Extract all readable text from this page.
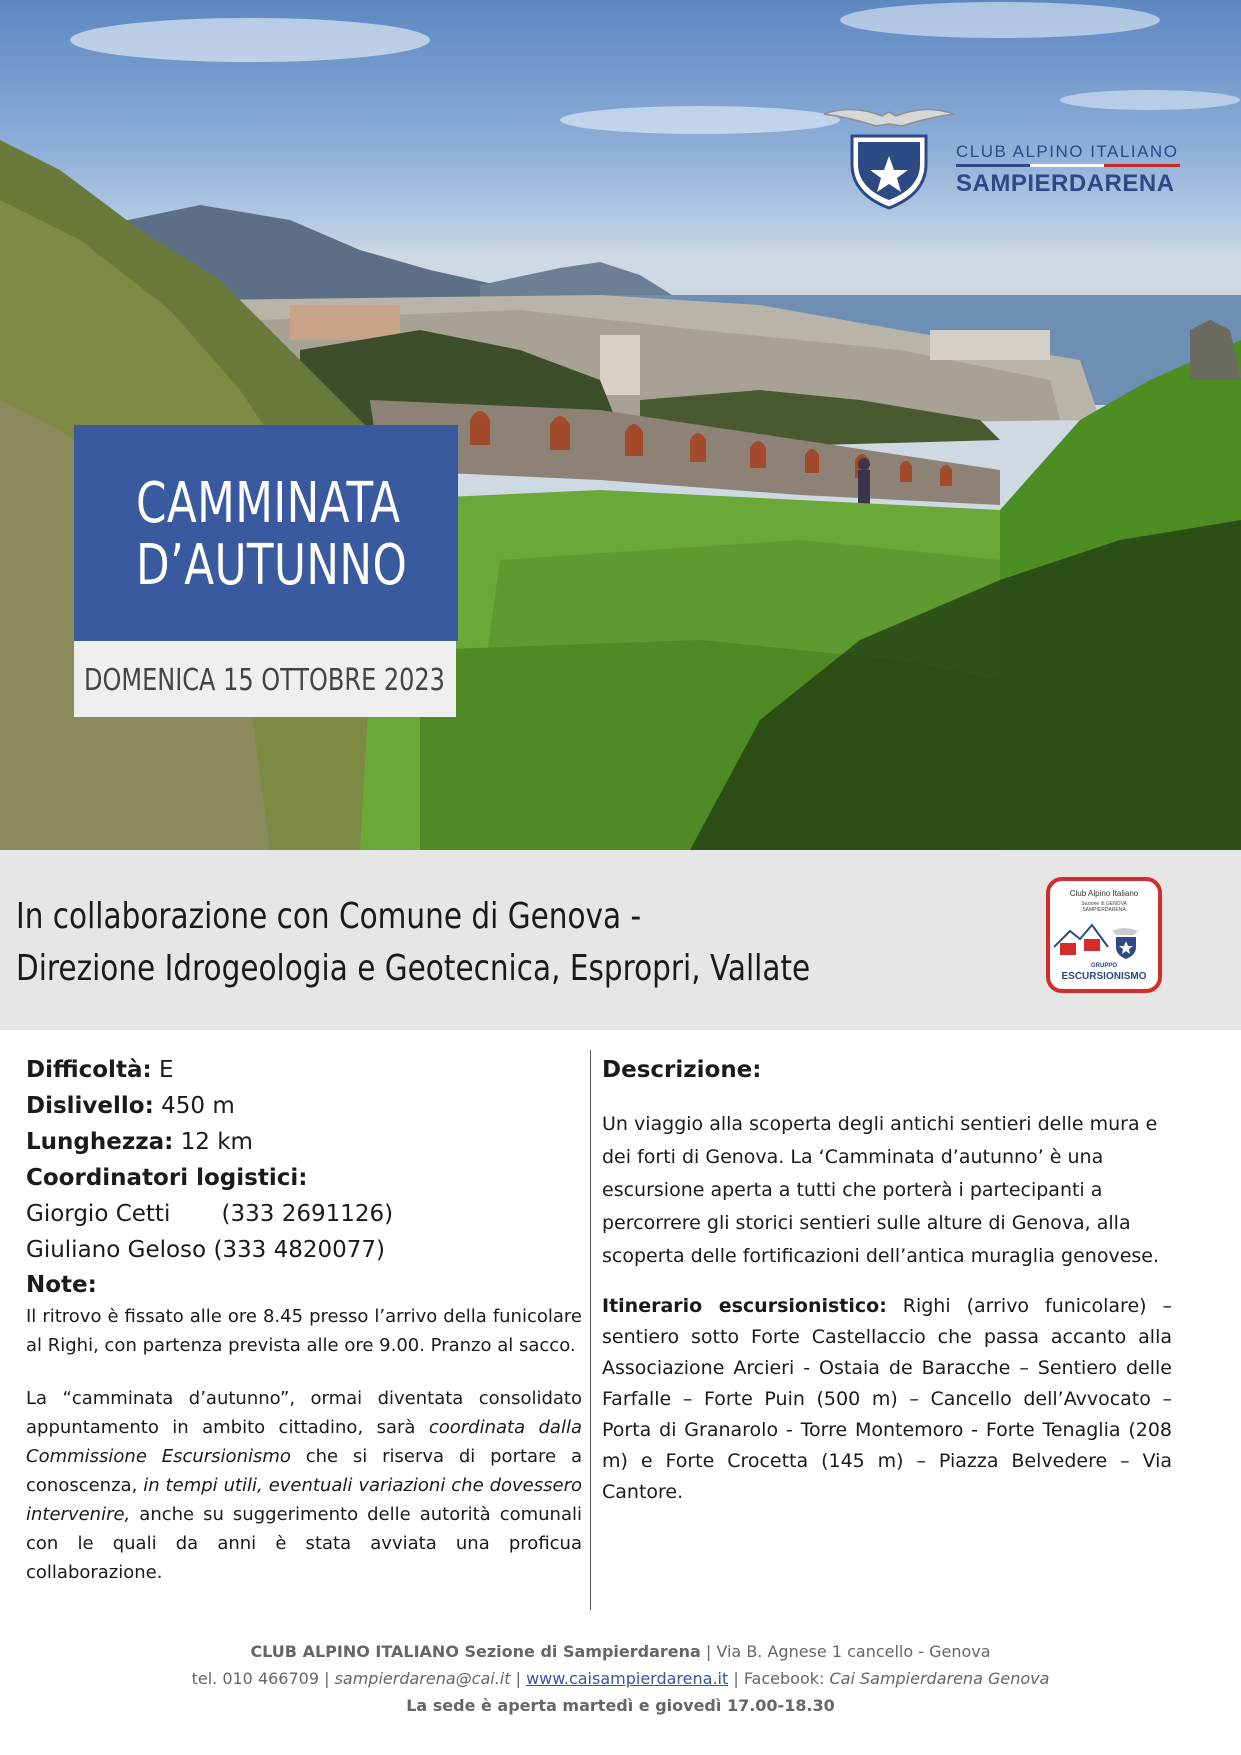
CLUB ALPINO ITALIANO
SAMPIERDARENA
CAMMINATA
D’AUTUNNO
DOMENICA 15 OTTOBRE 2023
In collaborazione con Comune di Genova -
Direzione Idrogeologia e Geotecnica, Espropri, Vallate
Club Alpino Italiano
Sezione di GENOVA
SAMPIERDARENA
GRUPPO
ESCURSIONISMO
Difficoltà: E
Dislivello: 450 m
Lunghezza: 12 km
Coordinatori logistici:
Giorgio Cetti (333 2691126)
Giuliano Geloso (333 4820077)
Note:
Il ritrovo è fissato alle ore 8.45 presso l’arrivo della funicolare al Righi, con partenza prevista alle ore 9.00. Pranzo al sacco.
La “camminata d’autunno”, ormai diventata consolidato appuntamento in ambito cittadino, sarà coordinata dalla Commissione Escursionismo che si riserva di portare a conoscenza, in tempi utili, eventuali variazioni che dovessero intervenire, anche su suggerimento delle autorità comunali con le quali da anni è stata avviata una proficua collaborazione.
Descrizione:
Un viaggio alla scoperta degli antichi sentieri delle mura e dei forti di Genova. La ‘Camminata d’autunno’ è una escursione aperta a tutti che porterà i partecipanti a percorrere gli storici sentieri sulle alture di Genova, alla scoperta delle fortificazioni dell’antica muraglia genovese.
Itinerario escursionistico: Righi (arrivo funicolare) – sentiero sotto Forte Castellaccio che passa accanto alla Associazione Arcieri - Ostaia de Baracche – Sentiero delle Farfalle – Forte Puin (500 m) – Cancello dell’Avvocato – Porta di Granarolo - Torre Montemoro - Forte Tenaglia (208 m) e Forte Crocetta (145 m) – Piazza Belvedere – Via Cantore.
CLUB ALPINO ITALIANO Sezione di Sampierdarena | Via B. Agnese 1 cancello - Genova
tel. 010 466709 | sampierdarena@cai.it | www.caisampierdarena.it | Facebook: Cai Sampierdarena Genova
La sede è aperta martedì e giovedì 17.00-18.30
